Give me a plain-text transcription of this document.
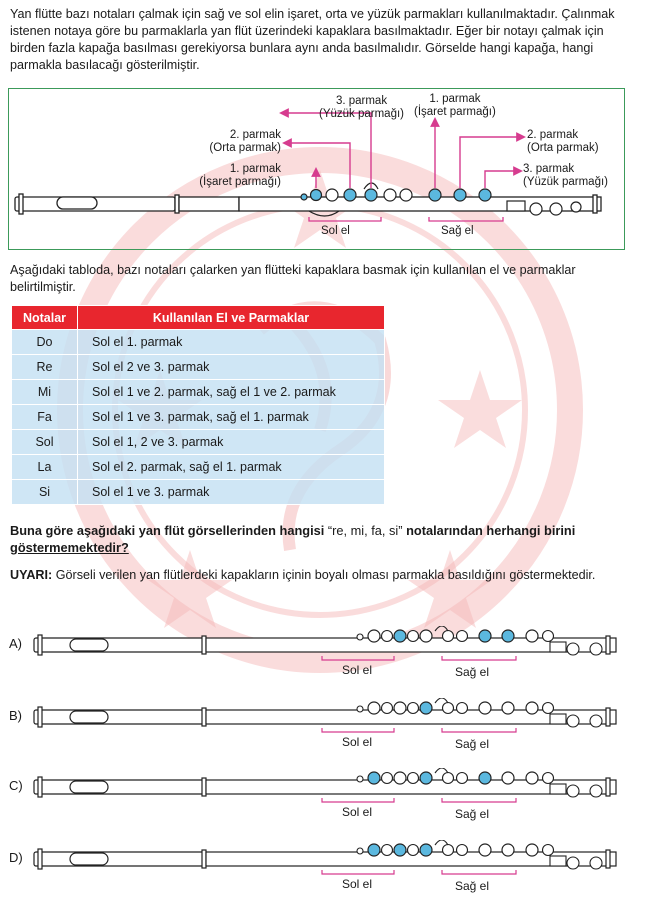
Yan flütte bazı notaları çalmak için sağ ve sol elin işaret, orta ve yüzük parmakları kullanılmaktadır. Çalınmak istenen notaya göre bu parmaklarla yan flüt üzerindeki kapaklara basılmaktadır. Eğer bir notayı çalmak için birden fazla kapağa basılması gerekiyorsa bunlara aynı anda basılmalıdır. Görselde hangi kapağa, hangi parmakla basılacağı gösterilmiştir.
3. parmak
(Yüzük parmağı)
2. parmak
(Orta parmak)
1. parmak
(İşaret parmağı)
1. parmak
(İşaret parmağı)
2. parmak
(Orta parmak)
3. parmak
(Yüzük parmağı)
Sol el	Sağ el
Aşağıdaki tabloda, bazı notaları çalarken yan flütteki kapaklara basmak için kullanılan el ve parmaklar belirtilmiştir.
Notalar	Kullanılan El ve Parmaklar
Do	Sol el 1. parmak
Re	Sol el 2 ve 3. parmak
Mi	Sol el 1 ve 2. parmak, sağ el 1 ve 2. parmak
Fa	Sol el 1 ve 3. parmak, sağ el 1. parmak
Sol	Sol el 1, 2 ve 3. parmak
La	Sol el 2. parmak, sağ el 1. parmak
Si	Sol el 1 ve 3. parmak
Buna göre aşağıdaki yan flüt görsellerinden hangisi “re, mi, fa, si” notalarından herhangi birini
göstermemektedir?
UYARI: Görseli verilen yan flütlerdeki kapakların içinin boyalı olması parmakla basıldığını göstermektedir.
A)
Sol el	Sağ el
B)
Sol el	Sağ el
C)
Sol el	Sağ el
D)
Sol el	Sağ el
